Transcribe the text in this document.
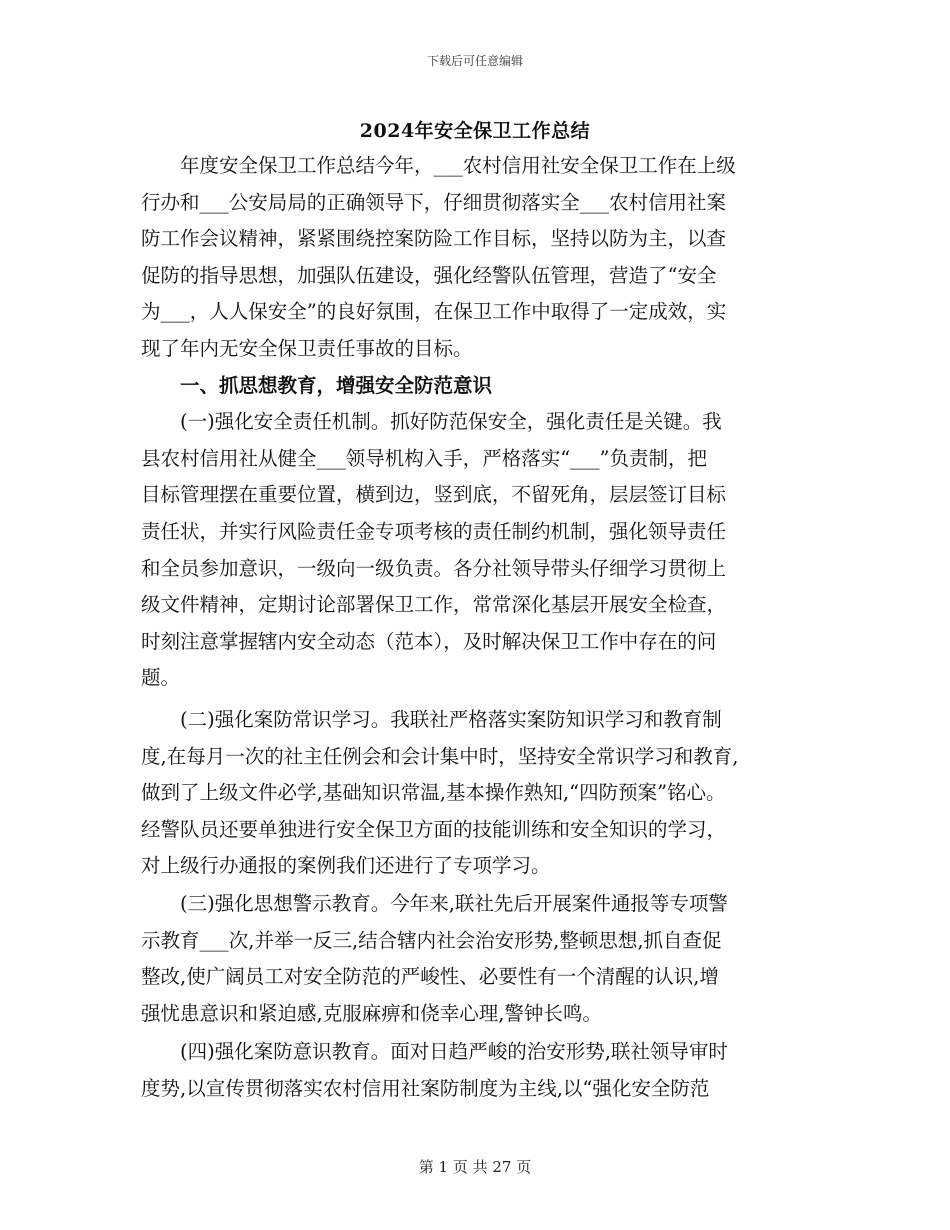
下载后可任意编辑
2024年安全保卫工作总结
　　年度安全保卫工作总结今年，___农村信用社安全保卫工作在上级
行办和___公安局局的正确领导下，仔细贯彻落实全___农村信用社案
防工作会议精神，紧紧围绕控案防险工作目标，坚持以防为主，以查
促防的指导思想，加强队伍建设，强化经警队伍管理，营造了“安全
为___，人人保安全”的良好氛围，在保卫工作中取得了一定成效，实
现了年内无安全保卫责任事故的目标。
　　一、抓思想教育，增强安全防范意识
　　(一)强化安全责任机制。抓好防范保安全，强化责任是关键。我
县农村信用社从健全___领导机构入手，严格落实“___”负责制，把
目标管理摆在重要位置，横到边，竖到底，不留死角，层层签订目标
责任状，并实行风险责任金专项考核的责任制约机制，强化领导责任
和全员参加意识，一级向一级负责。各分社领导带头仔细学习贯彻上
级文件精神，定期讨论部署保卫工作，常常深化基层开展安全检查，
时刻注意掌握辖内安全动态（范本），及时解决保卫工作中存在的问
题。
　　(二)强化案防常识学习。我联社严格落实案防知识学习和教育制
度,在每月一次的社主任例会和会计集中时，坚持安全常识学习和教育,
做到了上级文件必学,基础知识常温,基本操作熟知,“四防预案”铭心。
经警队员还要单独进行安全保卫方面的技能训练和安全知识的学习，
对上级行办通报的案例我们还进行了专项学习。
　　(三)强化思想警示教育。今年来,联社先后开展案件通报等专项警
示教育___次,并举一反三,结合辖内社会治安形势,整顿思想,抓自查促
整改,使广阔员工对安全防范的严峻性、必要性有一个清醒的认识,增
强忧患意识和紧迫感,克服麻痹和侥幸心理,警钟长鸣。
　　(四)强化案防意识教育。面对日趋严峻的治安形势,联社领导审时
度势,以宣传贯彻落实农村信用社案防制度为主线,以“强化安全防范
第 1 页 共 27 页
